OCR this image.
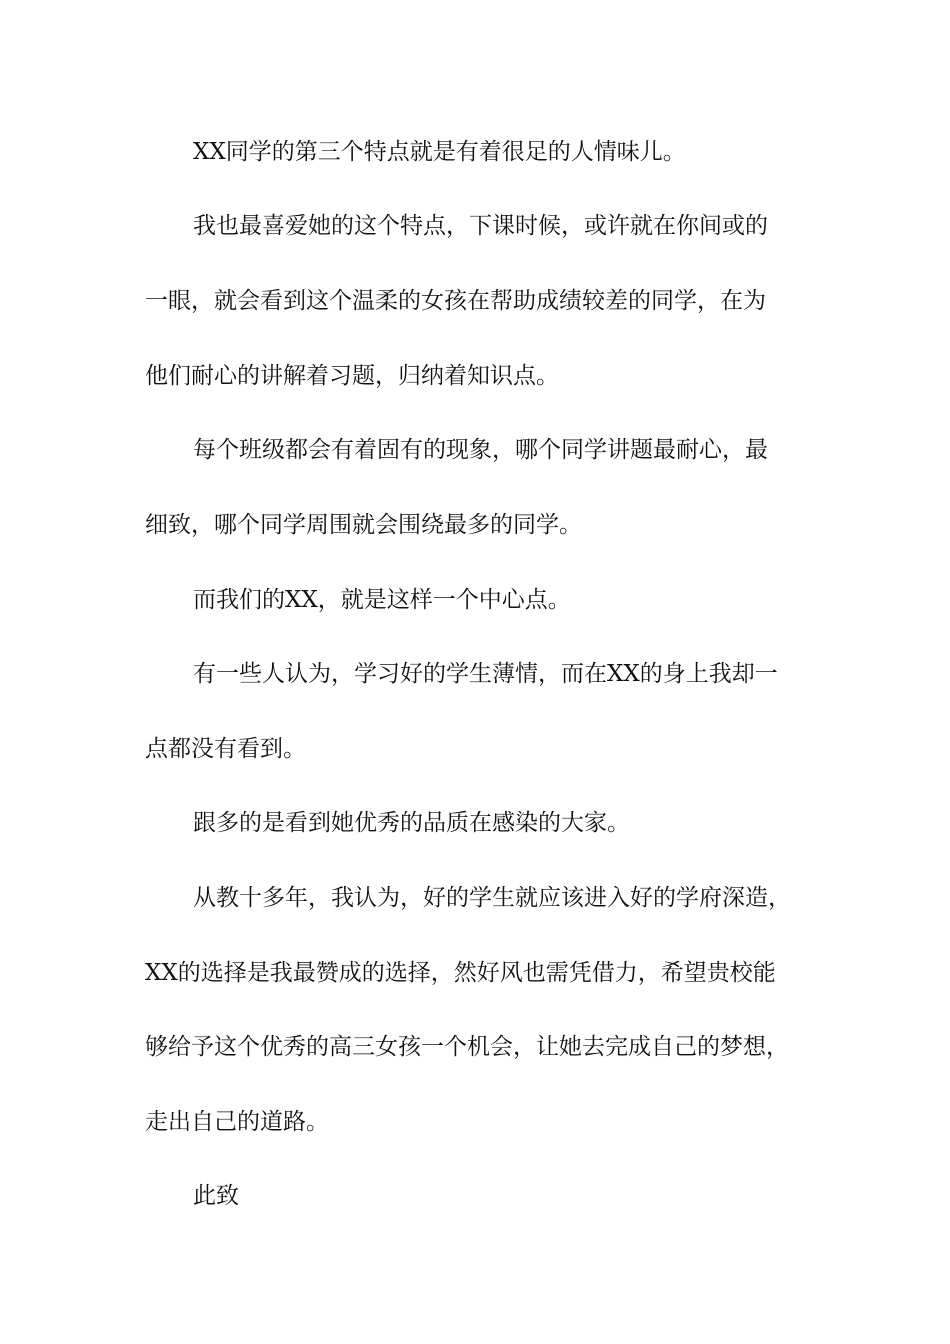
XX同学的第三个特点就是有着很足的人情味儿。
我也最喜爱她的这个特点，下课时候，或许就在你间或的
一眼，就会看到这个温柔的女孩在帮助成绩较差的同学，在为
他们耐心的讲解着习题，归纳着知识点。
每个班级都会有着固有的现象，哪个同学讲题最耐心，最
细致，哪个同学周围就会围绕最多的同学。
而我们的XX，就是这样一个中心点。
有一些人认为，学习好的学生薄情，而在XX的身上我却一
点都没有看到。
跟多的是看到她优秀的品质在感染的大家。
从教十多年，我认为，好的学生就应该进入好的学府深造，
XX的选择是我最赞成的选择，然好风也需凭借力，希望贵校能
够给予这个优秀的高三女孩一个机会，让她去完成自己的梦想，
走出自己的道路。
此致
